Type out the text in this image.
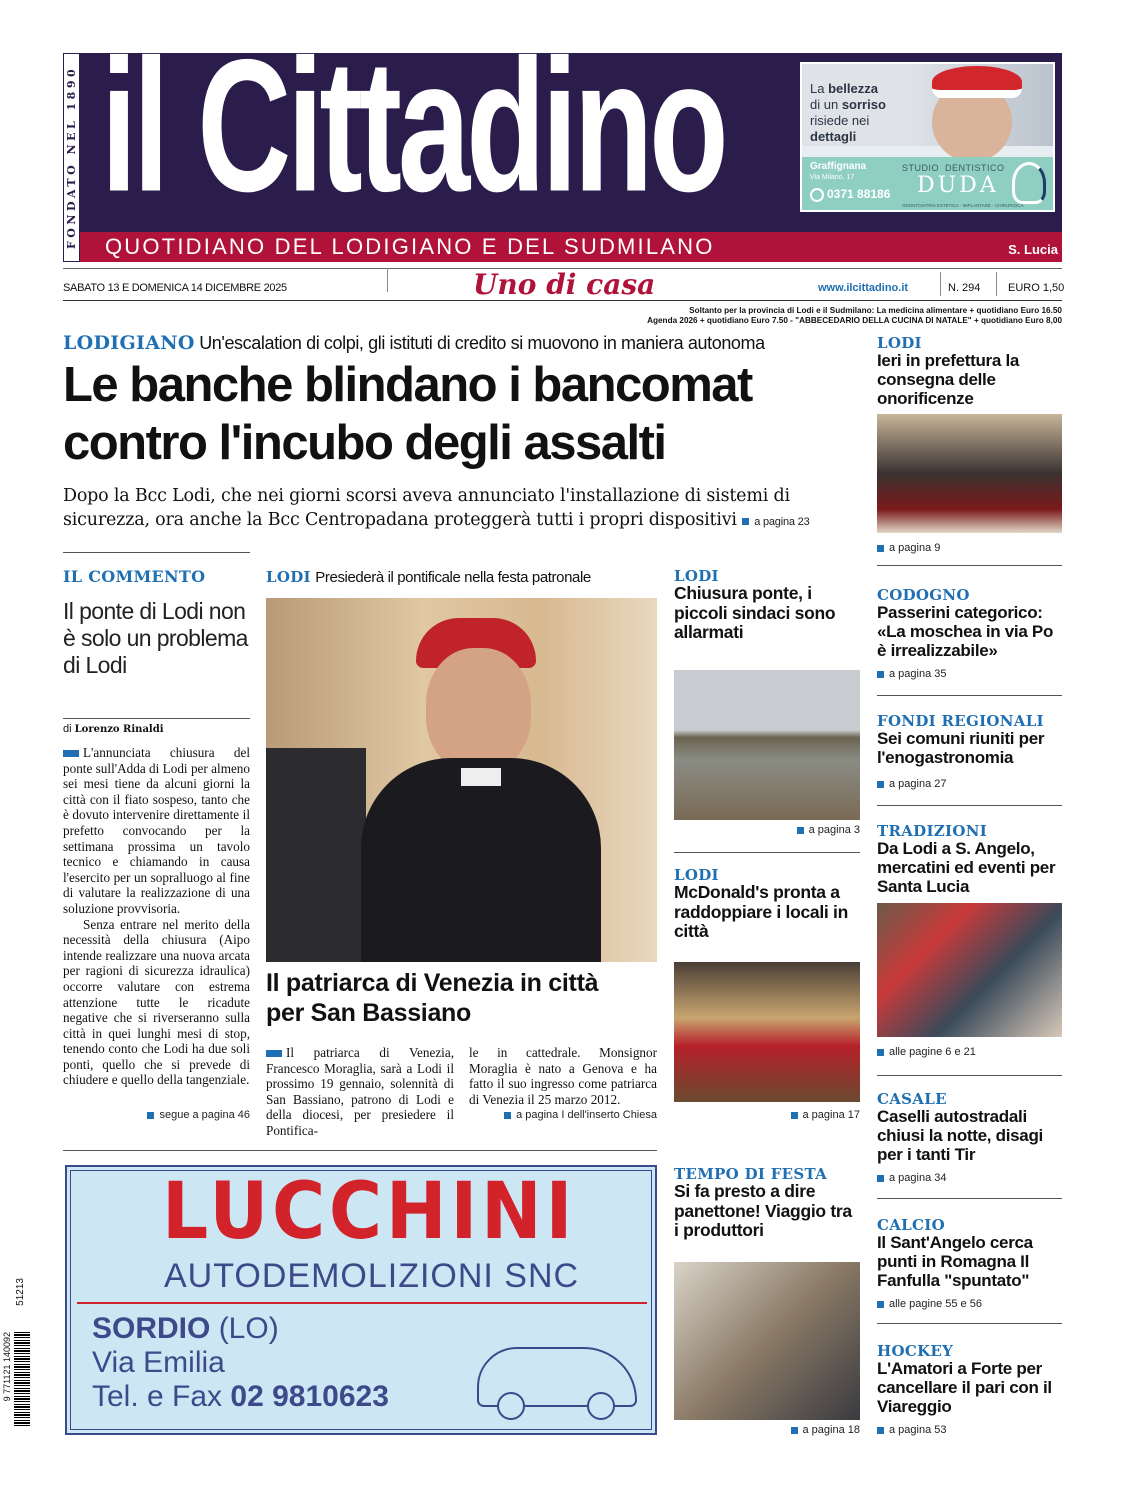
FONDATO NEL 1890 il Cittadino
QUOTIDIANO DEL LODIGIANO E DEL SUDMILANO	S. Lucia
La bellezza
di un sorriso
risiede nei
dettagli
Graffignana
Via Milano, 17
0371 88186
STUDIO  DENTISTICO
DUDA
ODONTOIATRIA ESTETICA - IMPLANTARE - CHIRURGICA
SABATO 13 E DOMENICA 14 DICEMBRE 2025	Uno di casa	www.ilcittadino.it	N. 294	EURO 1,50
Soltanto per la provincia di Lodi e il Sudmilano: La medicina alimentare + quotidiano Euro 16.50
Agenda 2026 + quotidiano Euro 7.50 - "ABBECEDARIO DELLA CUCINA DI NATALE" + quotidiano Euro 8,00
LODIGIANO Un'escalation di colpi, gli istituti di credito si muovono in maniera autonoma
Le banche blindano i bancomat
contro l'incubo degli assalti
Dopo la Bcc Lodi, che nei giorni scorsi aveva annunciato l'installazione di sistemi di sicurezza, ora anche la Bcc Centropadana proteggerà tutti i propri dispositivi a pagina 23
IL COMMENTO
Il ponte di Lodi non è solo un problema di Lodi
di Lorenzo Rinaldi

L'annunciata chiusura del ponte sull'Adda di Lodi per almeno sei mesi tiene da alcuni giorni la città con il fiato sospeso, tanto che è dovuto intervenire direttamente il prefetto convocando per la settimana prossima un tavolo tecnico e chiamando in causa l'esercito per un sopralluogo al fine di valutare la realizzazione di una soluzione provvisoria.

Senza entrare nel merito della necessità della chiusura (Aipo intende realizzare una nuova arcata per ragioni di sicurezza idraulica) occorre valutare con estrema attenzione tutte le ricadute negative che si riverseranno sulla città in quei lunghi mesi di stop, tenendo conto che Lodi ha due soli ponti, quello che si prevede di chiudere e quello della tangenziale.

segue a pagina 46
LODI Presiederà il pontificale nella festa patronale
Il patriarca di Venezia in città per San Bassiano
Il patriarca di Venezia, Francesco Moraglia, sarà a Lodi il prossimo 19 gennaio, solennità di San Bassiano, patrono di Lodi e della diocesi, per presiedere il Pontifica-
le in cattedrale. Monsignor Moraglia è nato a Genova e ha fatto il suo ingresso come patriarca di Venezia il 25 marzo 2012.
a pagina I dell'inserto Chiesa
LODI
Chiusura ponte, i piccoli sindaci sono allarmati
a pagina 3
LODI
McDonald's pronta a raddoppiare i locali in città
a pagina 17
TEMPO DI FESTA
Si fa presto a dire panettone! Viaggio tra i produttori
a pagina 18
LODI
Ieri in prefettura la consegna delle onorificenze
a pagina 9
CODOGNO
Passerini categorico: «La moschea in via Po è irrealizzabile»
a pagina 35
FONDI REGIONALI
Sei comuni riuniti per l'enogastronomia
a pagina 27
TRADIZIONI
Da Lodi a S. Angelo, mercatini ed eventi per Santa Lucia
alle pagine 6 e 21
CASALE
Caselli autostradali chiusi la notte, disagi per i tanti Tir
a pagina 34
CALCIO
Il Sant'Angelo cerca punti in Romagna Il Fanfulla "spuntato"
alle pagine 55 e 56
HOCKEY
L'Amatori a Forte per cancellare il pari con il Viareggio
a pagina 53
LUCCHINI
AUTODEMOLIZIONI SNC
SORDIO (LO)
Via Emilia
Tel. e Fax 02 9810623
51213
9 771121 140092
